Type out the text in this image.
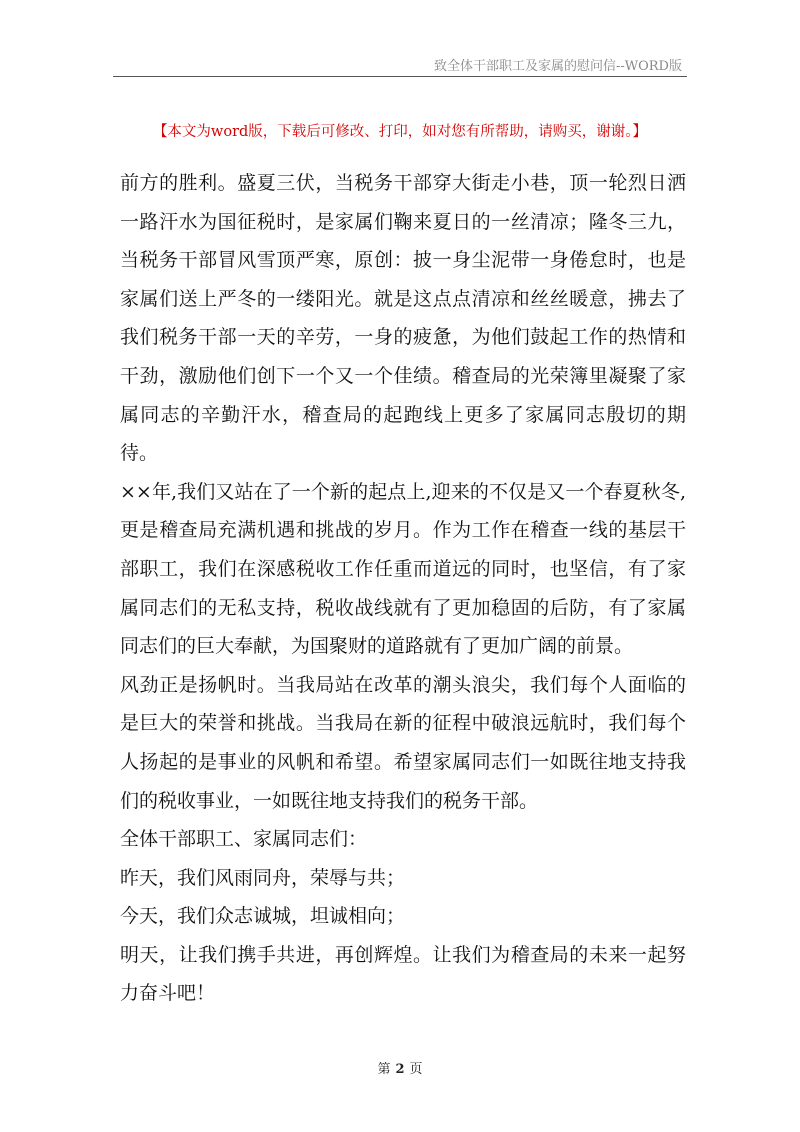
致全体干部职工及家属的慰问信--WORD版
【本文为word版，下载后可修改、打印，如对您有所帮助，请购买，谢谢。】

前方的胜利。盛夏三伏，当税务干部穿大街走小巷，顶一轮烈日洒一路汗水为国征税时，是家属们鞠来夏日的一丝清凉；隆冬三九，当税务干部冒风雪顶严寒，原创：披一身尘泥带一身倦怠时，也是家属们送上严冬的一缕阳光。就是这点点清凉和丝丝暖意，拂去了我们税务干部一天的辛劳，一身的疲惫，为他们鼓起工作的热情和干劲，激励他们创下一个又一个佳绩。稽查局的光荣簿里凝聚了家属同志的辛勤汗水，稽查局的起跑线上更多了家属同志殷切的期待。

××年,我们又站在了一个新的起点上,迎来的不仅是又一个春夏秋冬,更是稽查局充满机遇和挑战的岁月。作为工作在稽查一线的基层干部职工，我们在深感税收工作任重而道远的同时，也坚信，有了家属同志们的无私支持，税收战线就有了更加稳固的后防，有了家属同志们的巨大奉献，为国聚财的道路就有了更加广阔的前景。

风劲正是扬帆时。当我局站在改革的潮头浪尖，我们每个人面临的是巨大的荣誉和挑战。当我局在新的征程中破浪远航时，我们每个人扬起的是事业的风帆和希望。希望家属同志们一如既往地支持我们的税收事业，一如既往地支持我们的税务干部。

全体干部职工、家属同志们：

昨天，我们风雨同舟，荣辱与共；

今天，我们众志诚城，坦诚相向；

明天，让我们携手共进，再创辉煌。让我们为稽查局的未来一起努力奋斗吧！

第 2 页
